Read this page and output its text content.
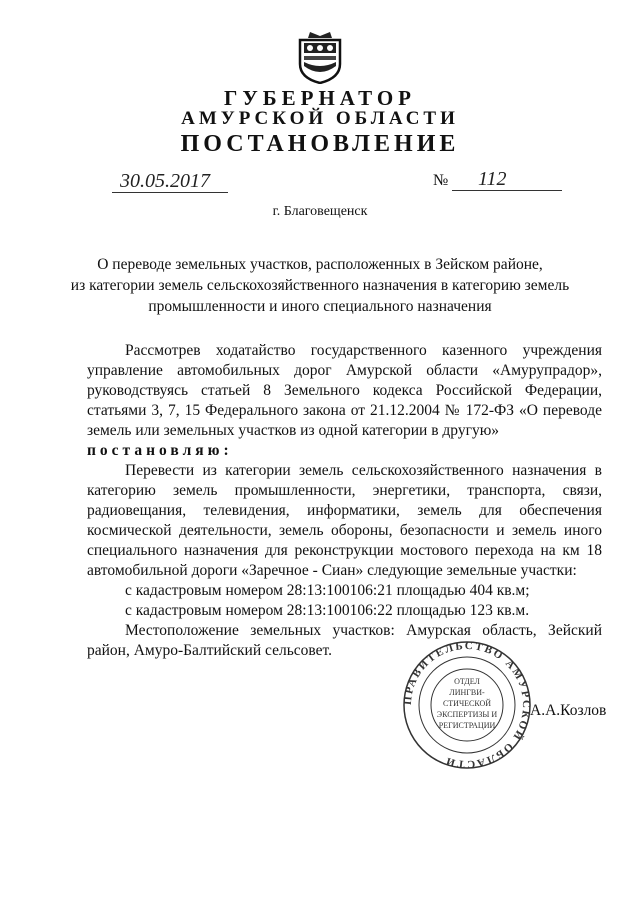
ГУБЕРНАТОР
АМУРСКОЙ ОБЛАСТИ
ПОСТАНОВЛЕНИЕ
30.05.2017	№	112
г. Благовещенск
О переводе земельных участков, расположенных в Зейском районе,
из категории земель сельскохозяйственного назначения в категорию земель
промышленности и иного специального назначения

Рассмотрев ходатайство государственного казенного учреждения управление автомобильных дорог Амурской области «Амурупрадор», руководствуясь статьей 8 Земельного кодекса Российской Федерации, статьями 3, 7, 15 Федерального закона от 21.12.2004 № 172-ФЗ «О переводе земель или земельных участков из одной категории в другую»

постановляю:

Перевести из категории земель сельскохозяйственного назначения в категорию земель промышленности, энергетики, транспорта, связи, радиовещания, телевидения, информатики, земель для обеспечения космической деятельности, земель обороны, безопасности и земель иного специального назначения для реконструкции мостового перехода на км 18 автомобильной дороги «Заречное - Сиан» следующие земельные участки:

с кадастровым номером 28:13:100106:21 площадью 404 кв.м;

с кадастровым номером 28:13:100106:22 площадью 123 кв.м.

Местоположение земельных участков: Амурская область, Зейский район, Амуро-Балтийский сельсовет.

ПРАВИТЕЛЬСТВО АМУРСКОЙ ОБЛАСТИ
ОТДЕЛ
ЛИНГВИ-
СТИЧЕСКОЙ
ЭКСПЕРТИЗЫ И
РЕГИСТРАЦИИ
А.А.Козлов
